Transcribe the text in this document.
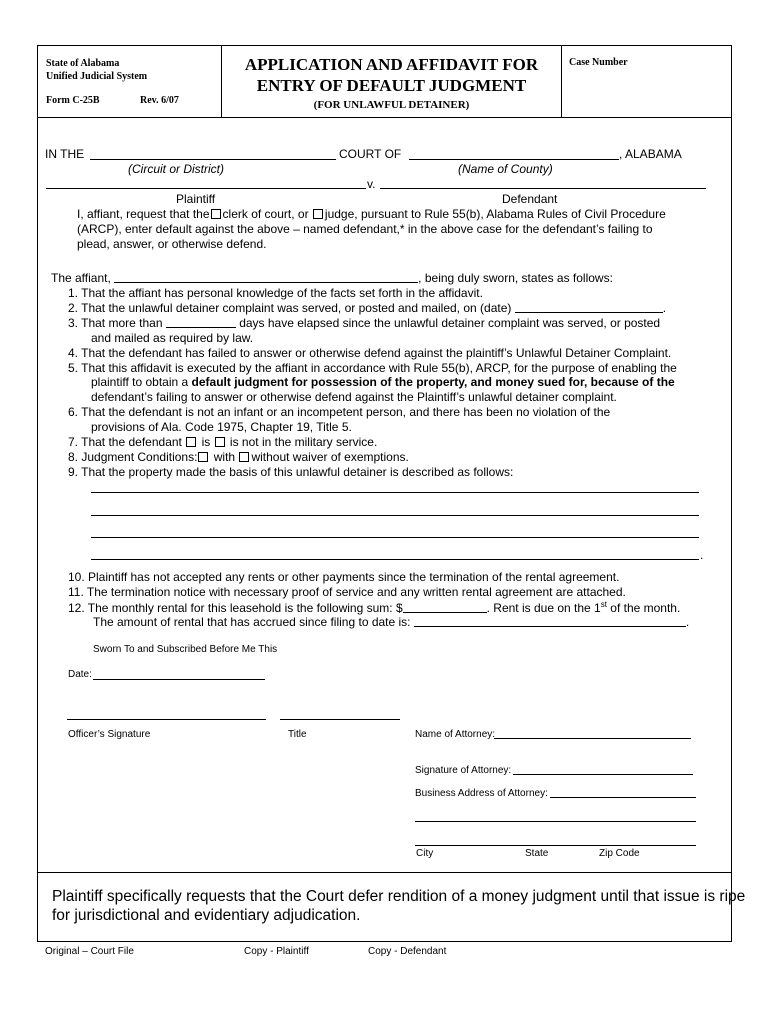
State of Alabama
Unified Judicial System
Form C-25B	Rev. 6/07
APPLICATION AND AFFIDAVIT FOR
ENTRY OF DEFAULT JUDGMENT
(FOR UNLAWFUL DETAINER)
Case Number
IN THE	COURT OF	, ALABAMA
(Circuit or District)	(Name of County)
v.
Plaintiff	Defendant
I, affiant, request that the clerk of court, or judge, pursuant to Rule 55(b), Alabama Rules of Civil Procedure
(ARCP), enter default against the above – named defendant,* in the above case for the defendant’s failing to
plead, answer, or otherwise defend.
The affiant,	, being duly sworn, states as follows:
1. That the affiant has personal knowledge of the facts set forth in the affidavit.
2. That the unlawful detainer complaint was served, or posted and mailed, on (date)	.
3. That more than	days have elapsed since the unlawful detainer complaint was served, or posted
and mailed as required by law.
4. That the defendant has failed to answer or otherwise defend against the plaintiff’s Unlawful Detainer Complaint.
5. That this affidavit is executed by the affiant in accordance with Rule 55(b), ARCP, for the purpose of enabling the
plaintiff to obtain a default judgment for possession of the property, and money sued for, because of the
defendant’s failing to answer or otherwise defend against the Plaintiff’s unlawful detainer complaint.
6. That the defendant is not an infant or an incompetent person, and there has been no violation of the
provisions of Ala. Code 1975, Chapter 19, Title 5.
7. That the defendant is is not in the military service.
8. Judgment Conditions: with without waiver of exemptions.
9. That the property made the basis of this unlawful detainer is described as follows:
.
10. Plaintiff has not accepted any rents or other payments since the termination of the rental agreement.
11. The termination notice with necessary proof of service and any written rental agreement are attached.
12. The monthly rental for this leasehold is the following sum: $	. Rent is due on the 1st of the month.
The amount of rental that has accrued since filing to date is:	.
Sworn To and Subscribed Before Me This
Date:
Officer’s Signature	Title	Name of Attorney:
Signature of Attorney:
Business Address of Attorney:
City	State	Zip Code
Plaintiff specifically requests that the Court defer rendition of a money judgment until that issue is ripe
for jurisdictional and evidentiary adjudication.
Original – Court File	Copy - Plaintiff	Copy - Defendant
